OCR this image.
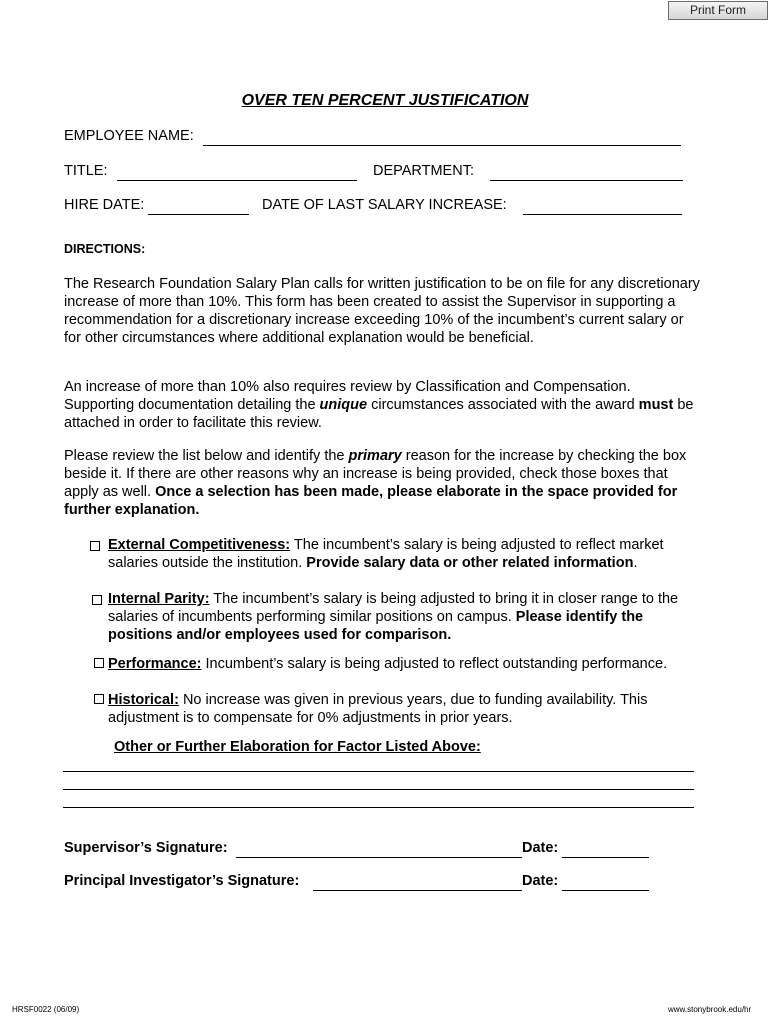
Print Form
OVER TEN PERCENT JUSTIFICATION
EMPLOYEE NAME:
TITLE:	DEPARTMENT:
HIRE DATE:	DATE OF LAST SALARY INCREASE:
DIRECTIONS:
The Research Foundation Salary Plan calls for written justification to be on file for any discretionary increase of more than 10%. This form has been created to assist the Supervisor in supporting a recommendation for a discretionary increase exceeding 10% of the incumbent’s current salary or for other circumstances where additional explanation would be beneficial.
An increase of more than 10% also requires review by Classification and Compensation. Supporting documentation detailing the unique circumstances associated with the award must be attached in order to facilitate this review.
Please review the list below and identify the primary reason for the increase by checking the box beside it. If there are other reasons why an increase is being provided, check those boxes that apply as well. Once a selection has been made, please elaborate in the space provided for further explanation.
External Competitiveness: The incumbent’s salary is being adjusted to reflect market salaries outside the institution. Provide salary data or other related information.
Internal Parity: The incumbent’s salary is being adjusted to bring it in closer range to the salaries of incumbents performing similar positions on campus. Please identify the positions and/or employees used for comparison.
Performance: Incumbent’s salary is being adjusted to reflect outstanding performance.
Historical: No increase was given in previous years, due to funding availability. This adjustment is to compensate for 0% adjustments in prior years.
Other or Further Elaboration for Factor Listed Above:
Supervisor’s Signature:	Date:
Principal Investigator’s Signature:	Date:
HRSF0022 (06/09)	www.stonybrook.edu/hr
